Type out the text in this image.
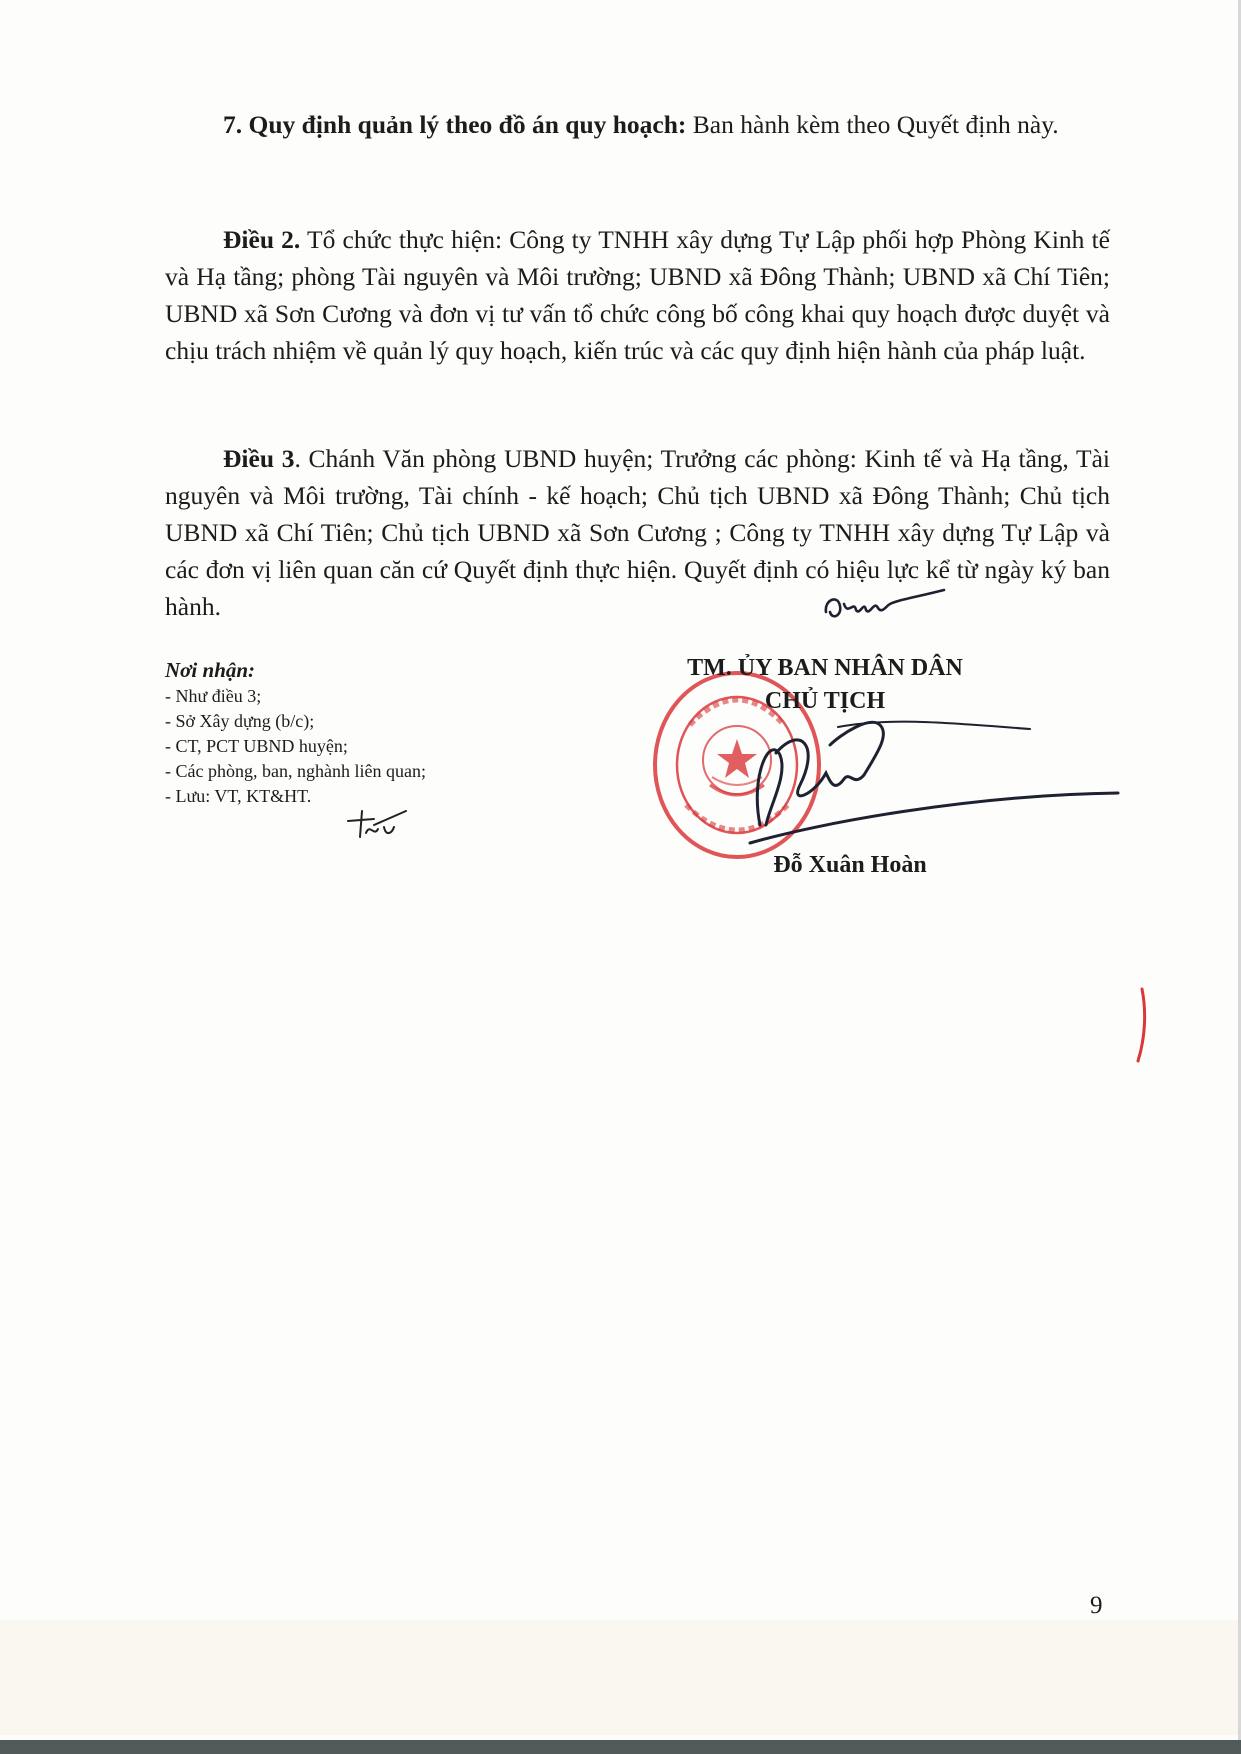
7. Quy định quản lý theo đồ án quy hoạch: Ban hành kèm theo Quyết định này.

Điều 2. Tổ chức thực hiện: Công ty TNHH xây dựng Tự Lập phối hợp Phòng Kinh tế và Hạ tầng; phòng Tài nguyên và Môi trường; UBND xã Đông Thành; UBND xã Chí Tiên; UBND xã Sơn Cương và đơn vị tư vấn tổ chức công bố công khai quy hoạch được duyệt và chịu trách nhiệm về quản lý quy hoạch, kiến trúc và các quy định hiện hành của pháp luật.

Điều 3. Chánh Văn phòng UBND huyện; Trưởng các phòng: Kinh tế và Hạ tầng, Tài nguyên và Môi trường, Tài chính - kế hoạch; Chủ tịch UBND xã Đông Thành; Chủ tịch UBND xã Chí Tiên; Chủ tịch UBND xã Sơn Cương ; Công ty TNHH xây dựng Tự Lập và các đơn vị liên quan căn cứ Quyết định thực hiện. Quyết định có hiệu lực kể từ ngày ký ban hành.

Nơi nhận:
- Như điều 3;
- Sở Xây dựng (b/c);
- CT, PCT UBND huyện;
- Các phòng, ban, nghành liên quan;
- Lưu: VT, KT&HT.
TM. ỦY BAN NHÂN DÂN
CHỦ TỊCH
Đỗ Xuân Hoàn
9
